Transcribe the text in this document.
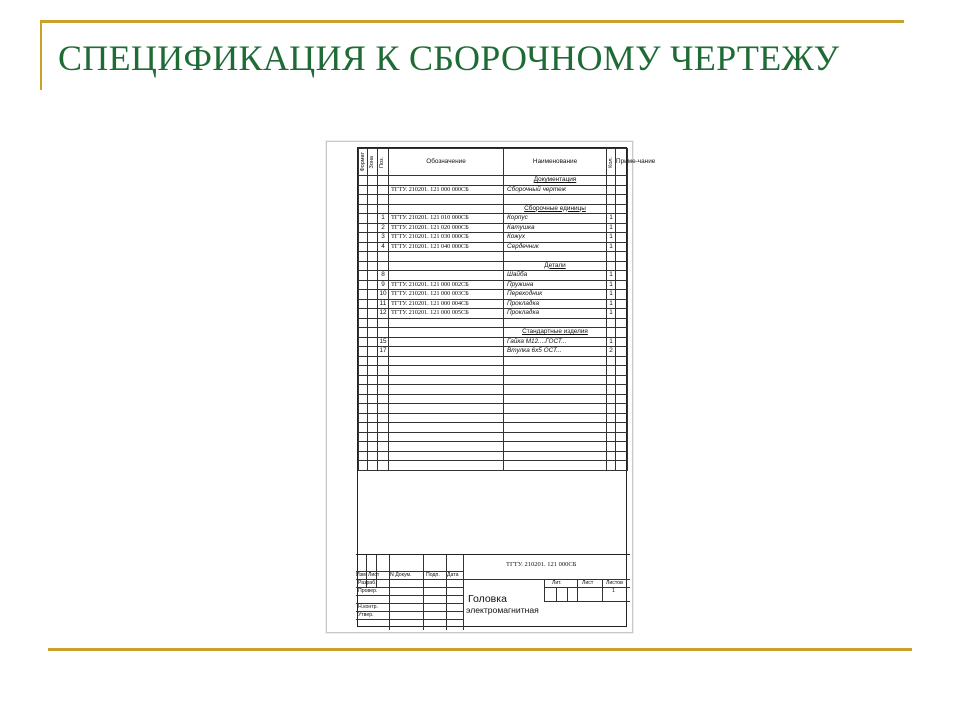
СПЕЦИФИКАЦИЯ К СБОРОЧНОМУ ЧЕРТЕЖУ
Формат	Зона	Поз.	Обозначение	Наименование	Кол.	Приме-чание
				Документация		
			ТГТУ. 210201. 121 000 000СБ	Сборочный чертеж		

				Сборочные единицы		
		1	ТГТУ. 210201. 121 010 000СБ	Корпус	1	
		2	ТГТУ. 210201. 121 020 000СБ	Катушка	1	
		3	ТГТУ. 210201. 121 030 000СБ	Кожух	1	
		4	ТГТУ. 210201. 121 040 000СБ	Сердечник	1	

				Детали		
		8		Шайба	1	
		9	ТГТУ. 210201. 121 000 002СБ	Пружина	1	
		10	ТГТУ. 210201. 121 000 003СБ	Переходник	1	
		11	ТГТУ. 210201. 121 000 004СБ	Прокладка	1	
		12	ТГТУ. 210201. 121 000 005СБ	Прокладка	1	

				Стандартные изделия		
		15		Гайка М12....ГОСТ...	1	
		17		Втулка 6x5 ОСТ...	2	

ТГТУ. 210201. 121 000СБ
Изм Лист N Докум.	Подп. Дата
Разраб.
Провер.
Н.контр.
Утвер.
Лит.	Лист Листов
1
Головка
электромагнитная
